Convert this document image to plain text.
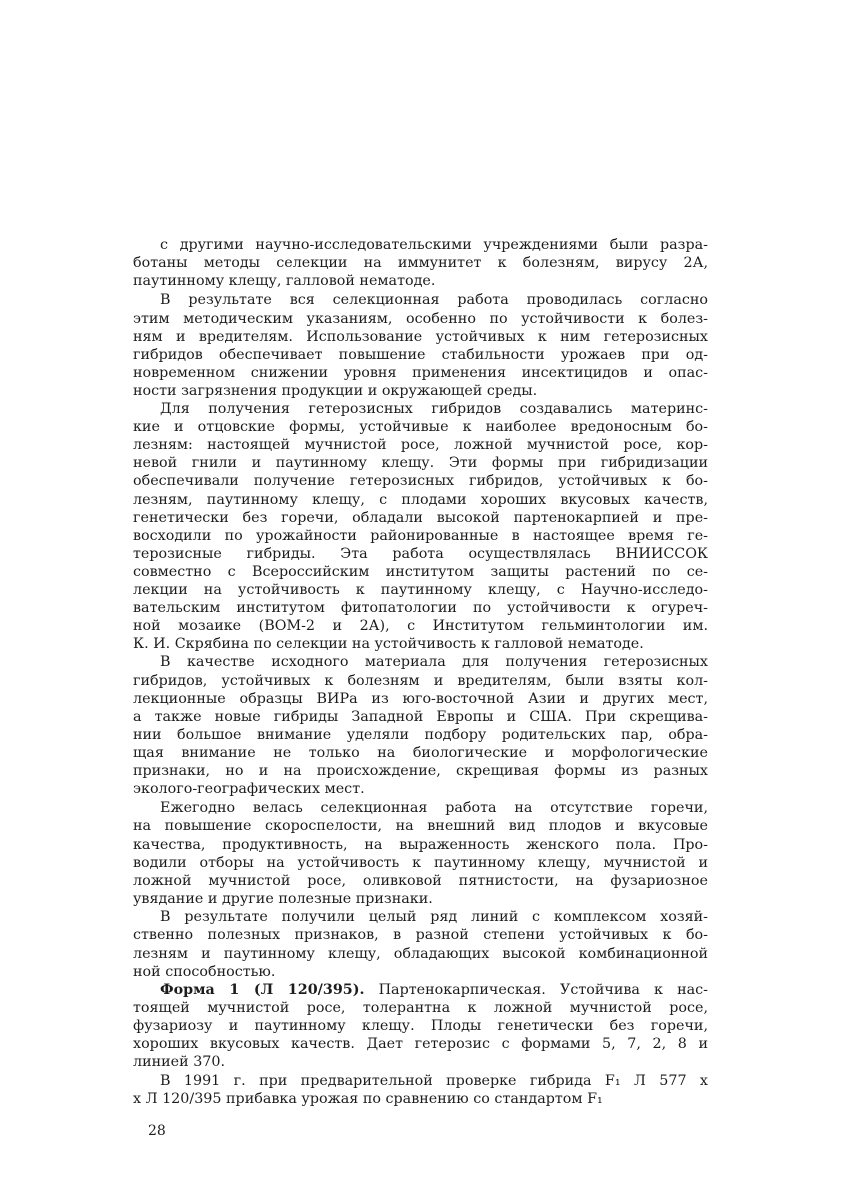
с другими научно-исследовательскими учреждениями были разра-
ботаны методы селекции на иммунитет к болезням, вирусу 2А,
паутинному клещу, галловой нематоде.
В результате вся селекционная работа проводилась согласно
этим методическим указаниям, особенно по устойчивости к болез-
ням и вредителям. Использование устойчивых к ним гетерозисных
гибридов обеспечивает повышение стабильности урожаев при од-
новременном снижении уровня применения инсектицидов и опас-
ности загрязнения продукции и окружающей среды.
Для получения гетерозисных гибридов создавались материнс-
кие и отцовские формы, устойчивые к наиболее вредоносным бо-
лезням: настоящей мучнистой росе, ложной мучнистой росе, кор-
невой гнили и паутинному клещу. Эти формы при гибридизации
обеспечивали получение гетерозисных гибридов, устойчивых к бо-
лезням, паутинному клещу, с плодами хороших вкусовых качеств,
генетически без горечи, обладали высокой партенокарпией и пре-
восходили по урожайности районированные в настоящее время ге-
терозисные гибриды. Эта работа осуществлялась ВНИИССОК
совместно с Всероссийским институтом защиты растений по се-
лекции на устойчивость к паутинному клещу, с Научно-исследо-
вательским институтом фитопатологии по устойчивости к огуреч-
ной мозаике (ВОМ-2 и 2А), с Институтом гельминтологии им.
К. И. Скрябина по селекции на устойчивость к галловой нематоде.
В качестве исходного материала для получения гетерозисных
гибридов, устойчивых к болезням и вредителям, были взяты кол-
лекционные образцы ВИРа из юго-восточной Азии и других мест,
а также новые гибриды Западной Европы и США. При скрещива-
нии большое внимание уделяли подбору родительских пар, обра-
щая внимание не только на биологические и морфологические
признаки, но и на происхождение, скрещивая формы из разных
эколого-географических мест.
Ежегодно велась селекционная работа на отсутствие горечи,
на повышение скороспелости, на внешний вид плодов и вкусовые
качества, продуктивность, на выраженность женского пола. Про-
водили отборы на устойчивость к паутинному клещу, мучнистой и
ложной мучнистой росе, оливковой пятнистости, на фузариозное
увядание и другие полезные признаки.
В результате получили целый ряд линий с комплексом хозяй-
ственно полезных признаков, в разной степени устойчивых к бо-
лезням и паутинному клещу, обладающих высокой комбинационной
ной способностью.
Форма 1 (Л 120/395). Партенокарпическая. Устойчива к нас-
тоящей мучнистой росе, толерантна к ложной мучнистой росе,
фузариозу и паутинному клещу. Плоды генетически без горечи,
хороших вкусовых качеств. Дает гетерозис с формами 5, 7, 2, 8 и
линией 370.
В 1991 г. при предварительной проверке гибрида F₁ Л 577 х
х Л 120/395 прибавка урожая по сравнению со стандартом F₁
28
